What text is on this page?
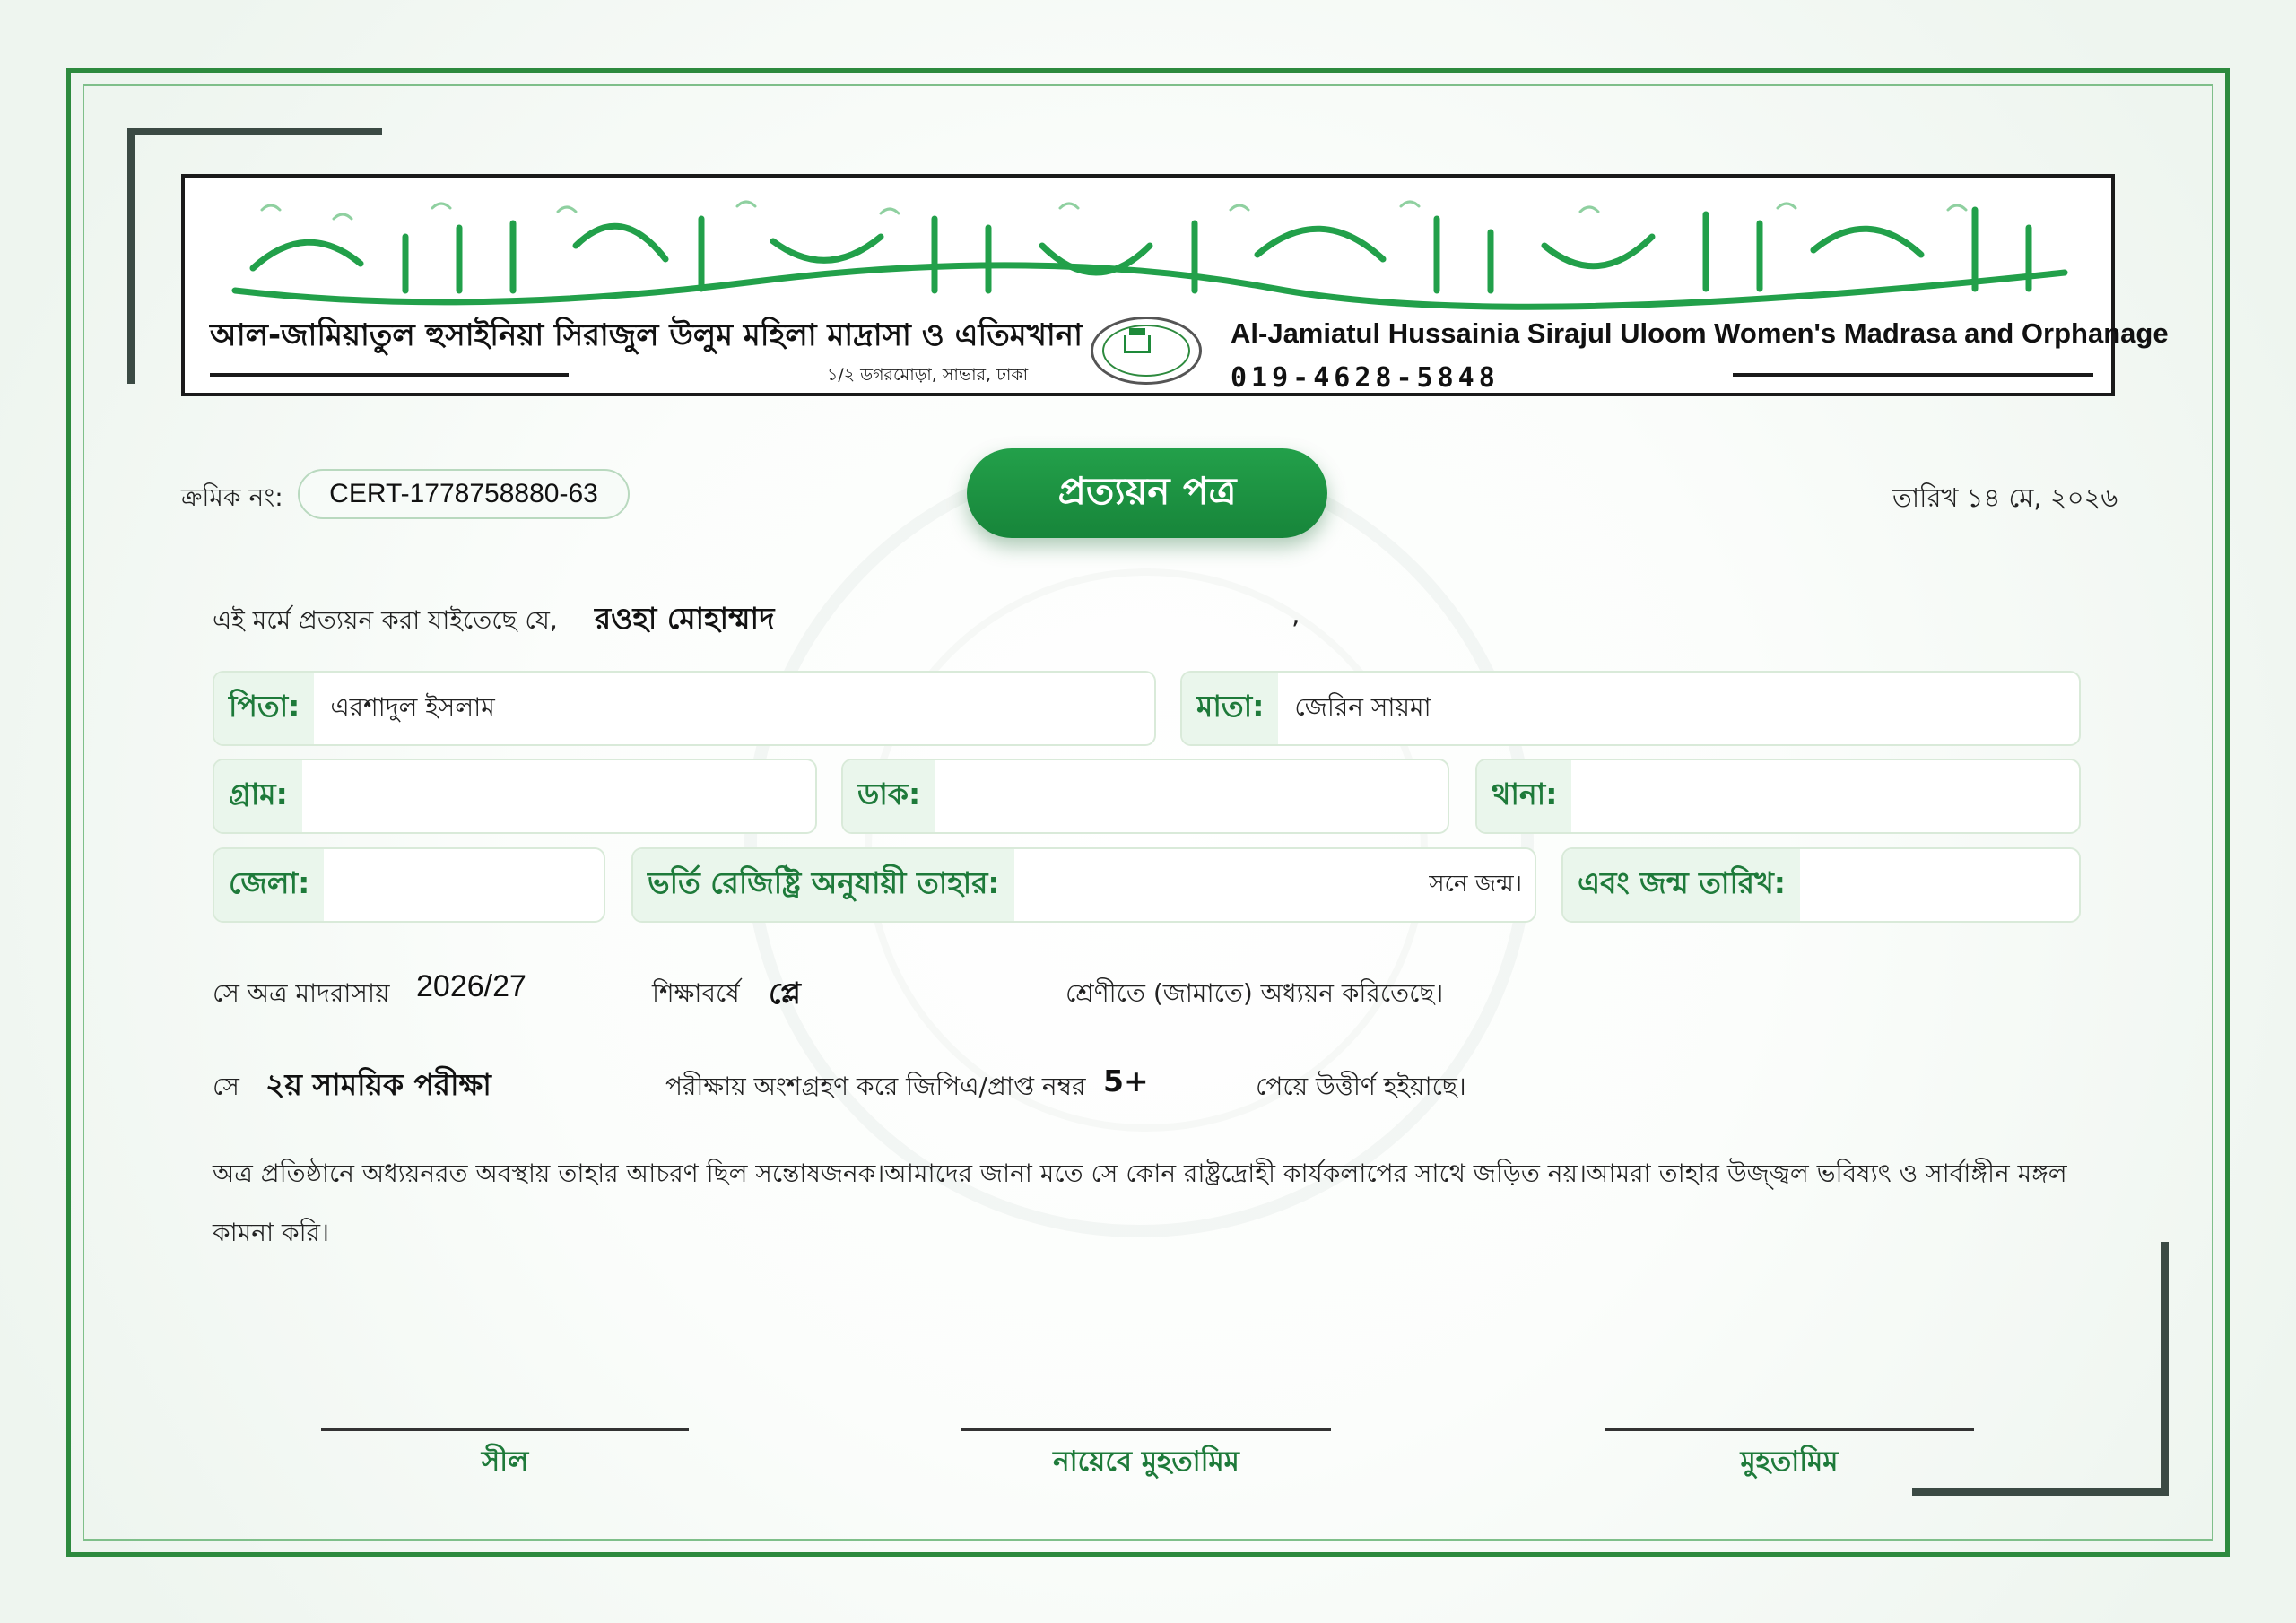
আল-জামিয়াতুল হুসাইনিয়া সিরাজুল উলুম মহিলা মাদ্রাসা ও এতিমখানা
১/২ ডগরমোড়া, সাভার, ঢাকা
Al-Jamiatul Hussainia Sirajul Uloom Women's Madrasa and Orphanage
019-4628-5848
ক্রমিক নং:	CERT-1778758880-63	প্রত্যয়ন পত্র	তারিখ ১৪ মে, ২০২৬
এই মর্মে প্রত্যয়ন করা যাইতেছে যে, রওহা মোহাম্মাদ	,
পিতা:	এরশাদুল ইসলাম	মাতা:	জেরিন সায়মা
গ্রাম:	ডাক:	থানা:
জেলা:	ভর্তি রেজিষ্ট্রি অনুযায়ী তাহার:	সনে জন্ম।	এবং জন্ম তারিখ:
সে অত্র মাদরাসায় 2026/27	শিক্ষাবর্ষে প্লে	শ্রেণীতে (জামাতে) অধ্যয়ন করিতেছে।
সে ২য় সাময়িক পরীক্ষা	পরীক্ষায় অংশগ্রহণ করে জিপিএ/প্রাপ্ত নম্বর 5+	পেয়ে উত্তীর্ণ হইয়াছে।
অত্র প্রতিষ্ঠানে অধ্যয়নরত অবস্থায় তাহার আচরণ ছিল সন্তোষজনক।আমাদের জানা মতে সে কোন রাষ্ট্রদ্রোহী কার্যকলাপের সাথে জড়িত নয়।আমরা তাহার উজ্জ্বল ভবিষ্যৎ ও সার্বাঙ্গীন মঙ্গল কামনা করি।
সীল	নায়েবে মুহতামিম	মুহতামিম
